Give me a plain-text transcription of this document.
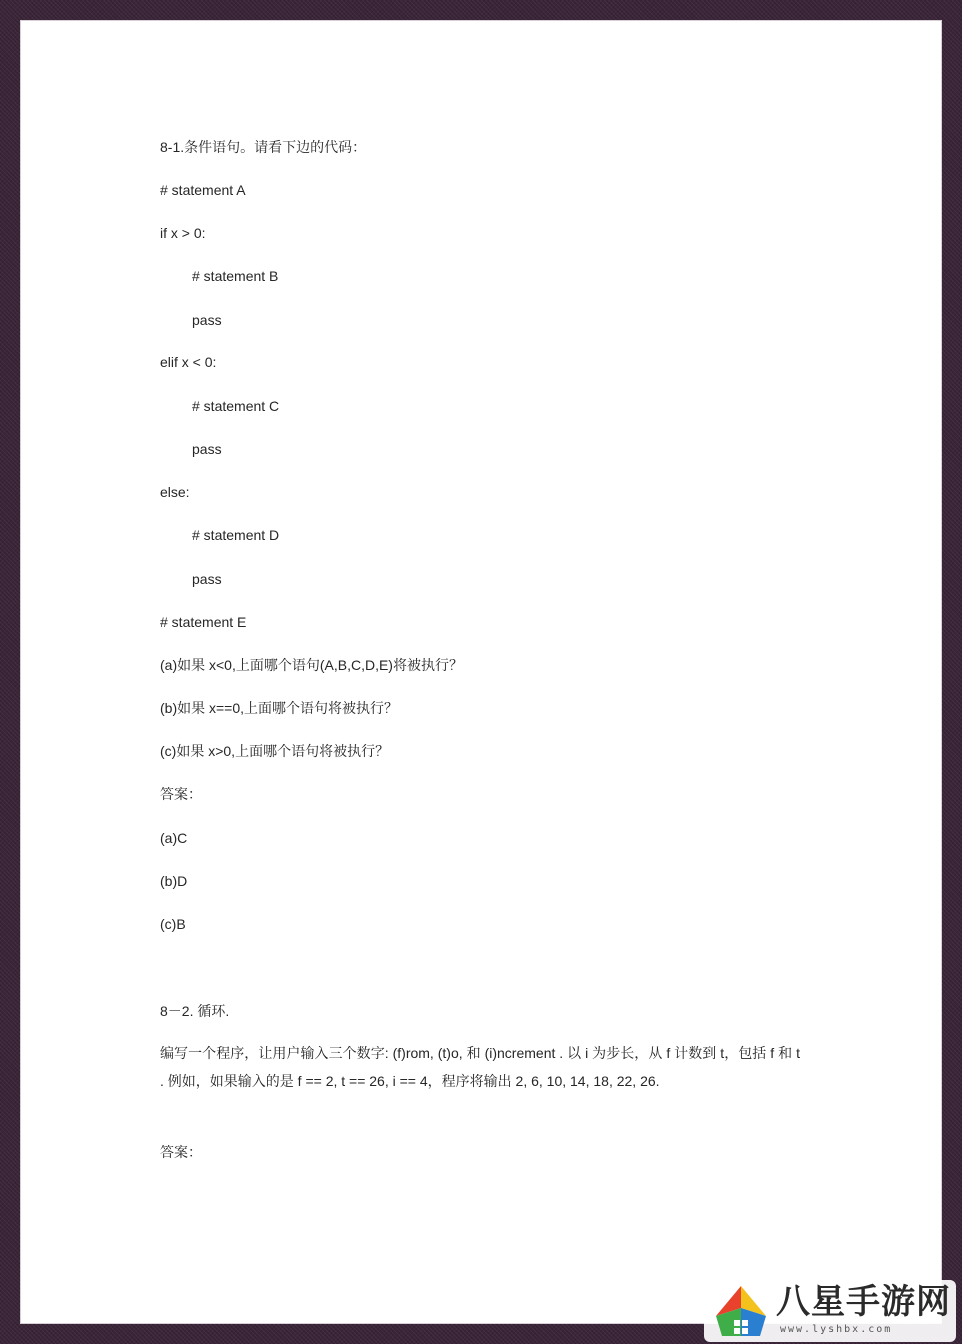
8-1.条件语句。请看下边的代码：
# statement A
if x > 0:
# statement B
pass
elif x < 0:
# statement C
pass
else:
# statement D
pass
# statement E
(a)如果 x<0,上面哪个语句(A,B,C,D,E)将被执行？
(b)如果 x==0,上面哪个语句将被执行？
(c)如果 x>0,上面哪个语句将被执行？
答案：
(a)C
(b)D
(c)B
8－2. 循环.
编写一个程序，让用户输入三个数字: (f)rom, (t)o, 和 (i)ncrement . 以 i 为步长，从 f 计数到 t，包括 f 和 t . 例如，如果输入的是 f == 2, t == 26, i == 4，程序将输出 2, 6, 10, 14, 18, 22, 26.
答案：
八星手游网
www.lyshbx.com
